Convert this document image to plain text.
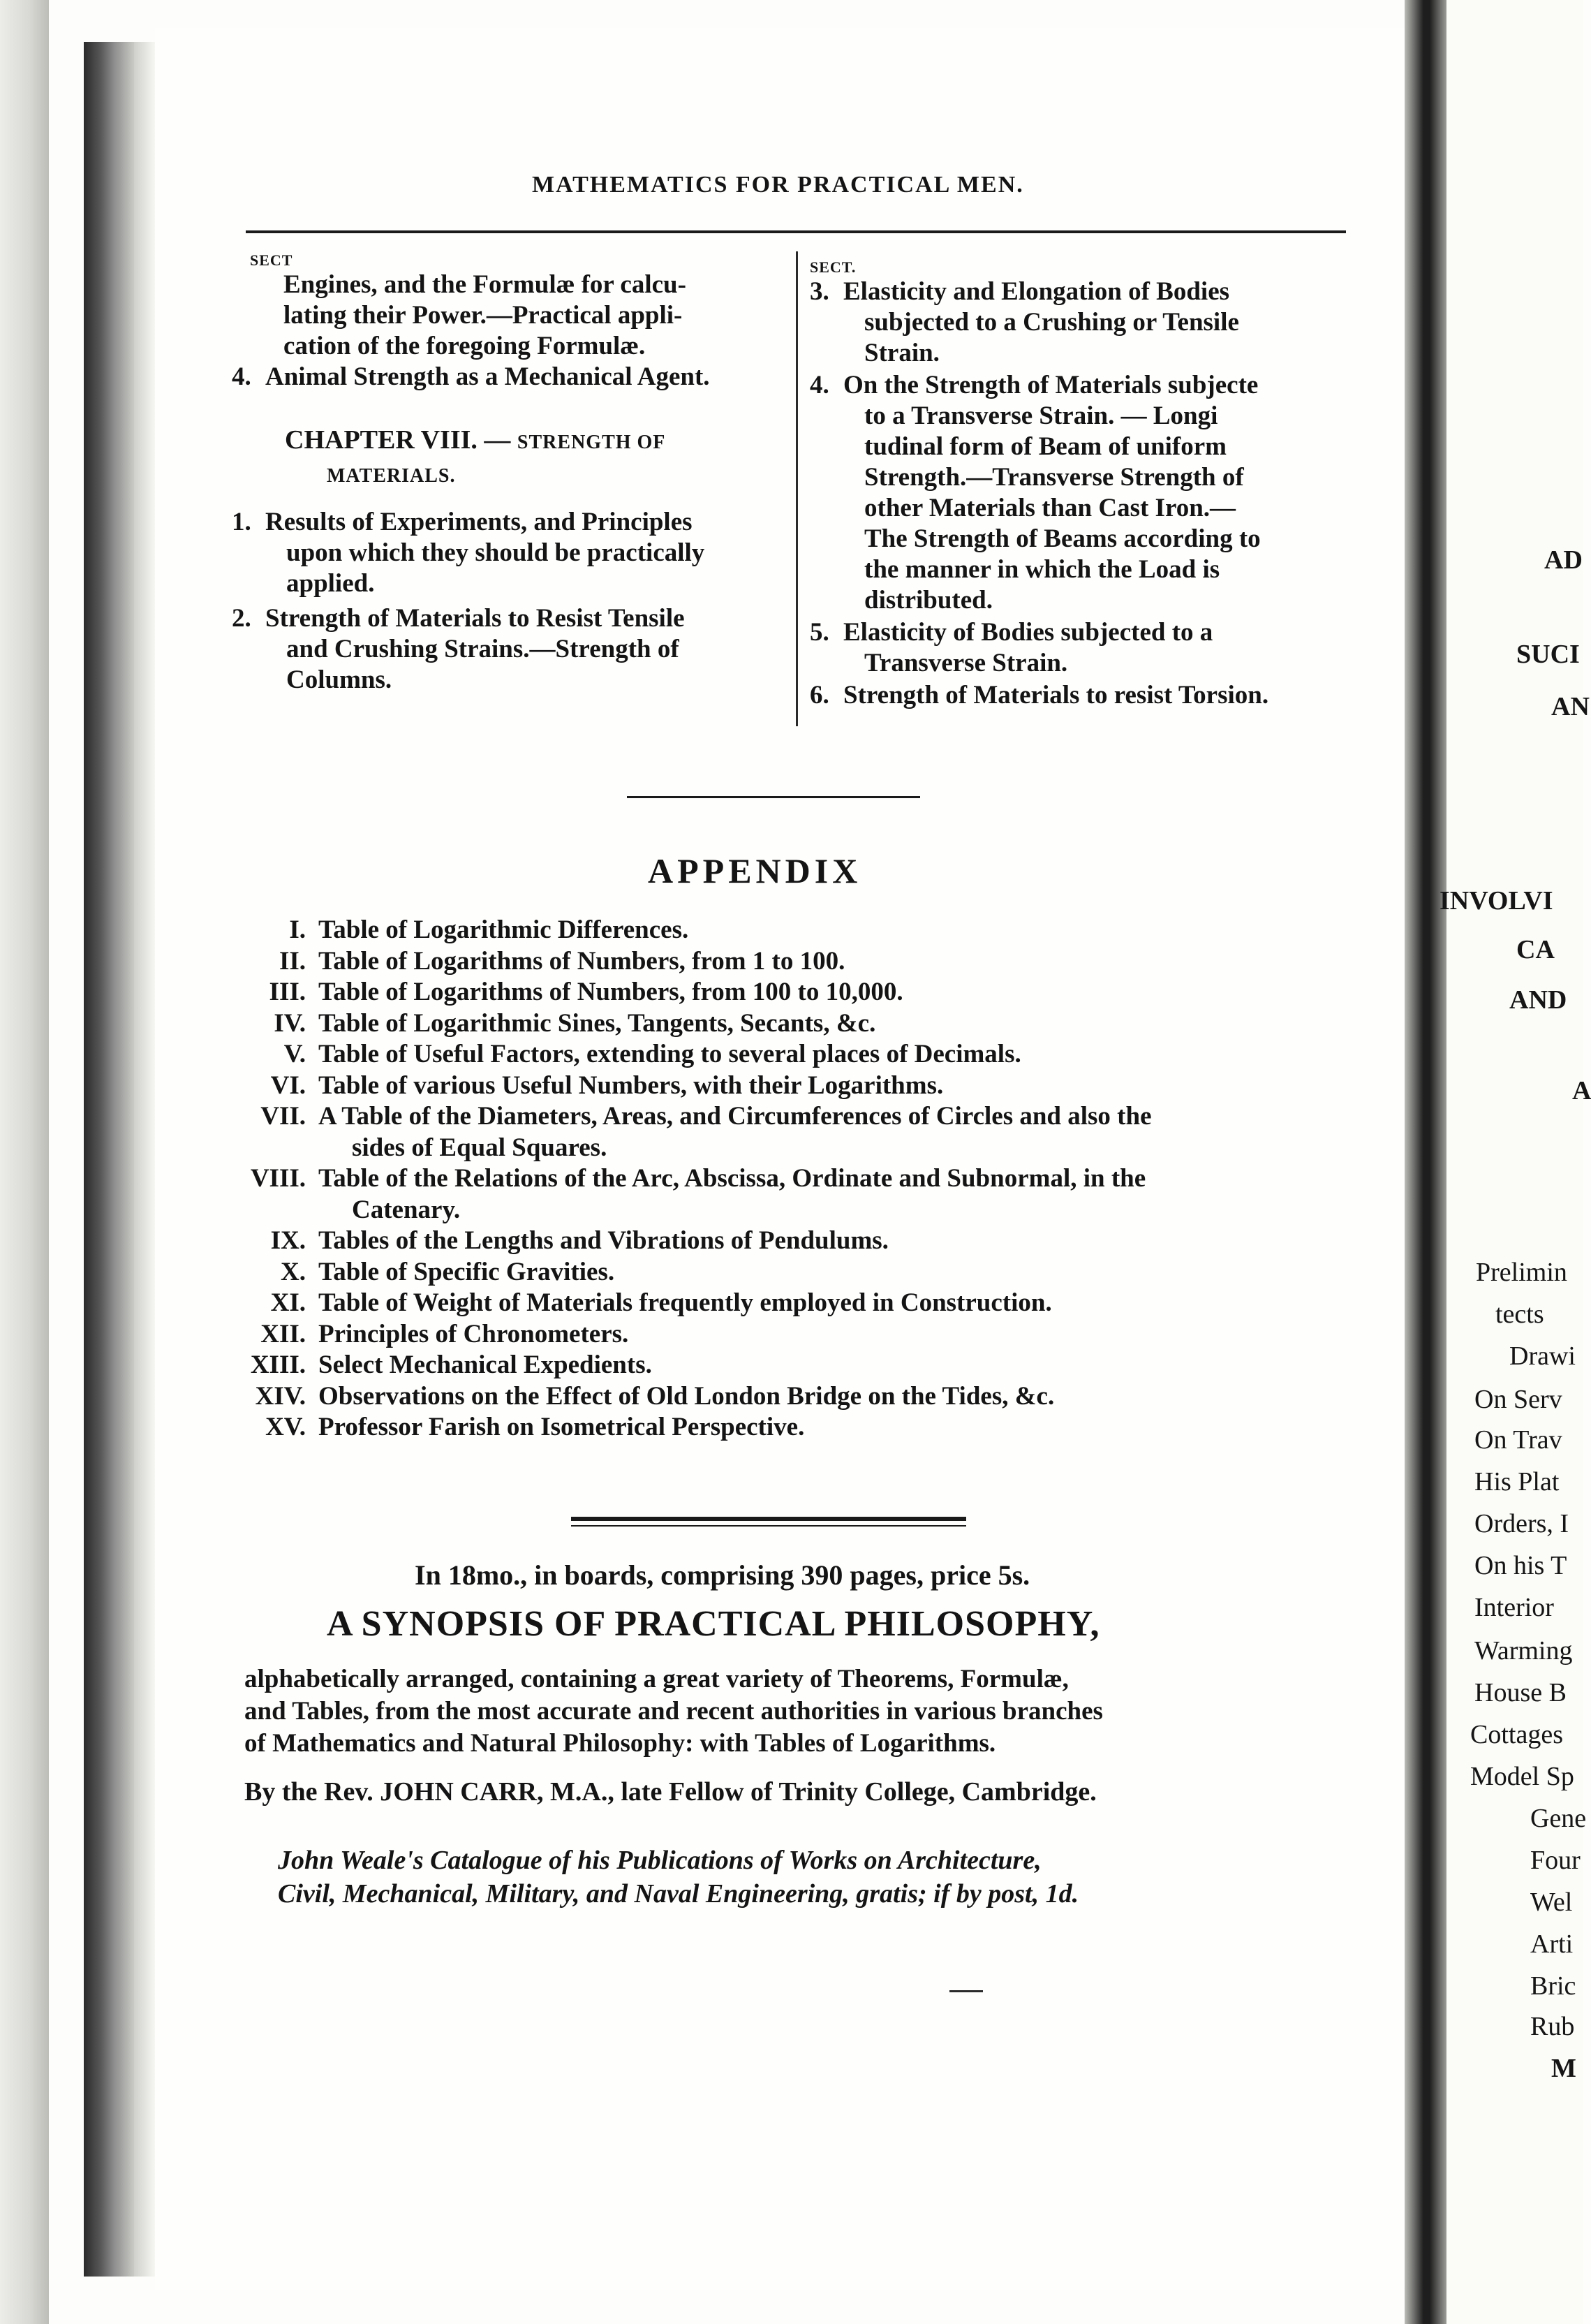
MATHEMATICS FOR PRACTICAL MEN.
SECT
Engines, and the Formulæ for calcu-
lating their Power.—Practical appli-
cation of the foregoing Formulæ.
4. Animal Strength as a Mechanical Agent.
CHAPTER VIII. — STRENGTH OF
MATERIALS.
1. Results of Experiments, and Principles
upon which they should be practically
applied.
2. Strength of Materials to Resist Tensile
and Crushing Strains.—Strength of
Columns.
SECT.
3. Elasticity and Elongation of Bodies
subjected to a Crushing or Tensile
Strain.
4. On the Strength of Materials subjecte
to a Transverse Strain. — Longi
tudinal form of Beam of uniform
Strength.—Transverse Strength of
other Materials than Cast Iron.—
The Strength of Beams according to
the manner in which the Load is
distributed.
5. Elasticity of Bodies subjected to a
Transverse Strain.
6. Strength of Materials to resist Torsion.
APPENDIX
I. Table of Logarithmic Differences.
II. Table of Logarithms of Numbers, from 1 to 100.
III. Table of Logarithms of Numbers, from 100 to 10,000.
IV. Table of Logarithmic Sines, Tangents, Secants, &c.
V. Table of Useful Factors, extending to several places of Decimals.
VI. Table of various Useful Numbers, with their Logarithms.
VII. A Table of the Diameters, Areas, and Circumferences of Circles and also the
sides of Equal Squares.
VIII. Table of the Relations of the Arc, Abscissa, Ordinate and Subnormal, in the
Catenary.
IX. Tables of the Lengths and Vibrations of Pendulums.
X. Table of Specific Gravities.
XI. Table of Weight of Materials frequently employed in Construction.
XII. Principles of Chronometers.
XIII. Select Mechanical Expedients.
XIV. Observations on the Effect of Old London Bridge on the Tides, &c.
XV. Professor Farish on Isometrical Perspective.
In 18mo., in boards, comprising 390 pages, price 5s.
A SYNOPSIS OF PRACTICAL PHILOSOPHY,
alphabetically arranged, containing a great variety of Theorems, Formulæ,
and Tables, from the most accurate and recent authorities in various branches
of Mathematics and Natural Philosophy: with Tables of Logarithms.
By the Rev. JOHN CARR, M.A., late Fellow of Trinity College, Cambridge.
John Weale's Catalogue of his Publications of Works on Architecture,
Civil, Mechanical, Military, and Naval Engineering, gratis; if by post, 1d.
AD
SUCI
AN
INVOLVI
CA
AND
A
Prelimin
tects
Drawi
On Serv
On Trav
His Plat
Orders, I
On his T
Interior
Warming
House B
Cottages
Model Sp
Gene
Four
Wel
Arti
Bric
Rub
M
